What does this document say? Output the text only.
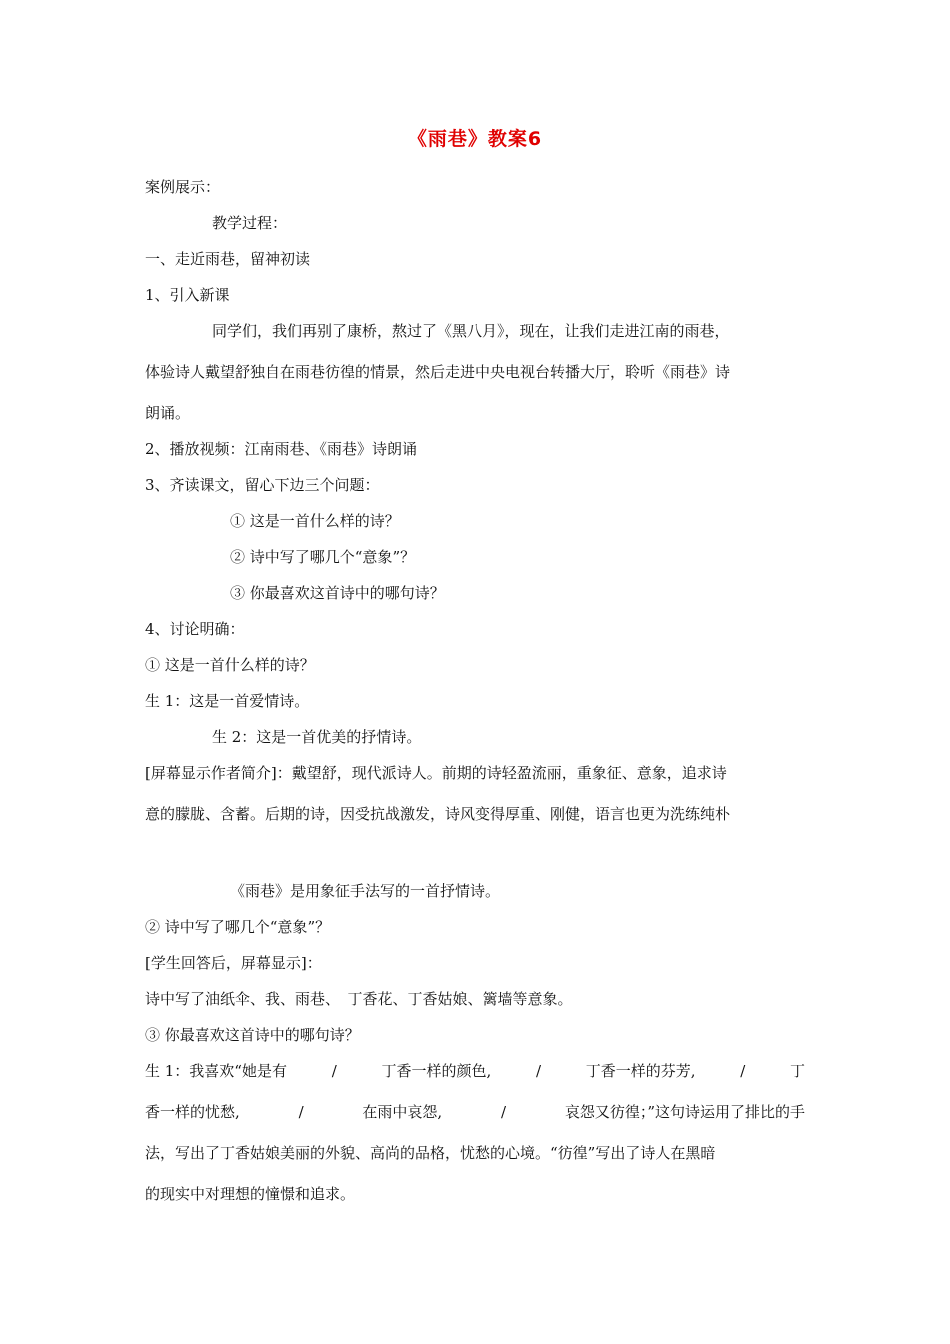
《雨巷》教案6
案例展示：
教学过程：
一、走近雨巷，留神初读
1、引入新课
同学们，我们再别了康桥，熬过了《黑八月》，现在，让我们走进江南的雨巷，
体验诗人戴望舒独自在雨巷彷徨的情景，然后走进中央电视台转播大厅，聆听《雨巷》诗
朗诵。
2、播放视频：江南雨巷、《雨巷》诗朗诵
3、齐读课文，留心下边三个问题：
① 这是一首什么样的诗？
② 诗中写了哪几个“意象”？
③ 你最喜欢这首诗中的哪句诗？
4、讨论明确：
① 这是一首什么样的诗？
生 1：这是一首爱情诗。
生 2：这是一首优美的抒情诗。
[屏幕显示作者简介]：戴望舒，现代派诗人。前期的诗轻盈流丽，重象征、意象，追求诗
意的朦胧、含蓄。后期的诗，因受抗战激发，诗风变得厚重、刚健，语言也更为洗练纯朴
《雨巷》是用象征手法写的一首抒情诗。
② 诗中写了哪几个“意象”？
[学生回答后，屏幕显示]：
诗中写了油纸伞、我、雨巷、　丁香花、丁香姑娘、篱墙等意象。
③ 你最喜欢这首诗中的哪句诗？
生 1：我喜欢“她是有	/	丁香一样的颜色,	/	丁香一样的芬芳,	/	丁
香一样的忧愁,	/	在雨中哀怨,	/	哀怨又彷徨；”这句诗运用了排比的手
法，写出了丁香姑娘美丽的外貌、高尚的品格，忧愁的心境。“彷徨”写出了诗人在黑暗
的现实中对理想的憧憬和追求。
